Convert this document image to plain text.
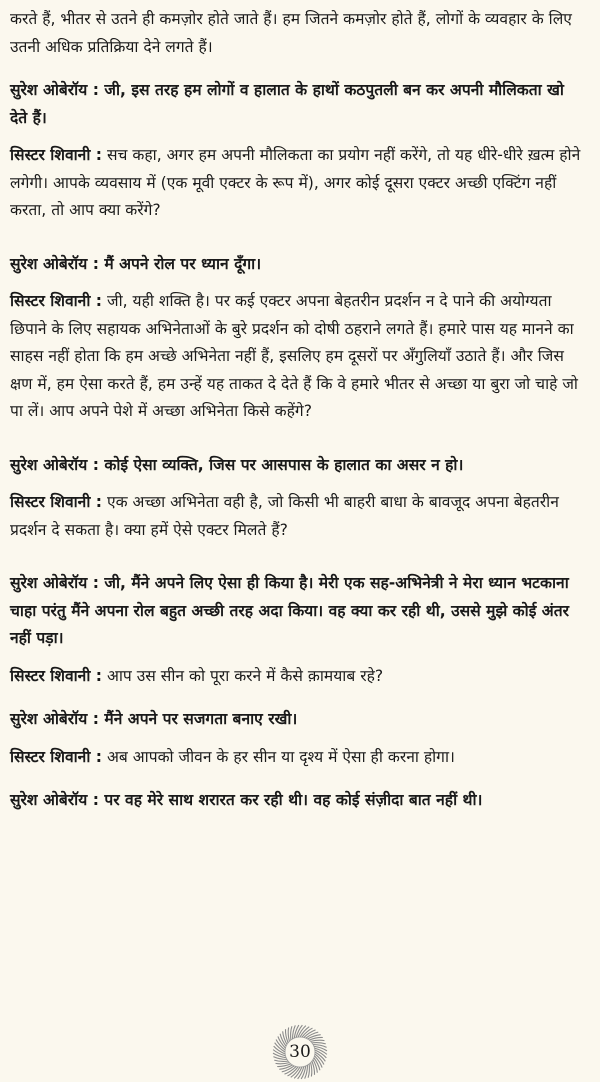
करते हैं, भीतर से उतने ही कमज़ोर होते जाते हैं। हम जितने कमज़ोर होते हैं, लोगों के व्यवहार के लिए उतनी अधिक प्रतिक्रिया देने लगते हैं।

सुरेश ओबेरॉय : जी, इस तरह हम लोगों व हालात के हाथों कठपुतली बन कर अपनी मौलिकता खो देते हैं।

सिस्टर शिवानी : सच कहा, अगर हम अपनी मौलिकता का प्रयोग नहीं करेंगे, तो यह धीरे-धीरे ख़त्म होने लगेगी। आपके व्यवसाय में (एक मूवी एक्टर के रूप में), अगर कोई दूसरा एक्टर अच्छी एक्टिंग नहीं करता, तो आप क्या करेंगे?

सुरेश ओबेरॉय : मैं अपने रोल पर ध्यान दूँगा।

सिस्टर शिवानी : जी, यही शक्ति है। पर कई एक्टर अपना बेहतरीन प्रदर्शन न दे पाने की अयोग्यता छिपाने के लिए सहायक अभिनेताओं के बुरे प्रदर्शन को दोषी ठहराने लगते हैं। हमारे पास यह मानने का साहस नहीं होता कि हम अच्छे अभिनेता नहीं हैं, इसलिए हम दूसरों पर अँगुलियाँ उठाते हैं। और जिस क्षण में, हम ऐसा करते हैं, हम उन्हें यह ताकत दे देते हैं कि वे हमारे भीतर से अच्छा या बुरा जो चाहे जो पा लें। आप अपने पेशे में अच्छा अभिनेता किसे कहेंगे?

सुरेश ओबेरॉय : कोई ऐसा व्यक्ति, जिस पर आसपास के हालात का असर न हो।

सिस्टर शिवानी : एक अच्छा अभिनेता वही है, जो किसी भी बाहरी बाधा के बावजूद अपना बेहतरीन प्रदर्शन दे सकता है। क्या हमें ऐसे एक्टर मिलते हैं?

सुरेश ओबेरॉय : जी, मैंने अपने लिए ऐसा ही किया है। मेरी एक सह-अभिनेत्री ने मेरा ध्यान भटकाना चाहा परंतु मैंने अपना रोल बहुत अच्छी तरह अदा किया। वह क्या कर रही थी, उससे मुझे कोई अंतर नहीं पड़ा।

सिस्टर शिवानी : आप उस सीन को पूरा करने में कैसे क़ामयाब रहे?

सुरेश ओबेरॉय : मैंने अपने पर सजगता बनाए रखी।

सिस्टर शिवानी : अब आपको जीवन के हर सीन या दृश्य में ऐसा ही करना होगा।

सुरेश ओबेरॉय : पर वह मेरे साथ शरारत कर रही थी। वह कोई संज़ीदा बात नहीं थी।

30
